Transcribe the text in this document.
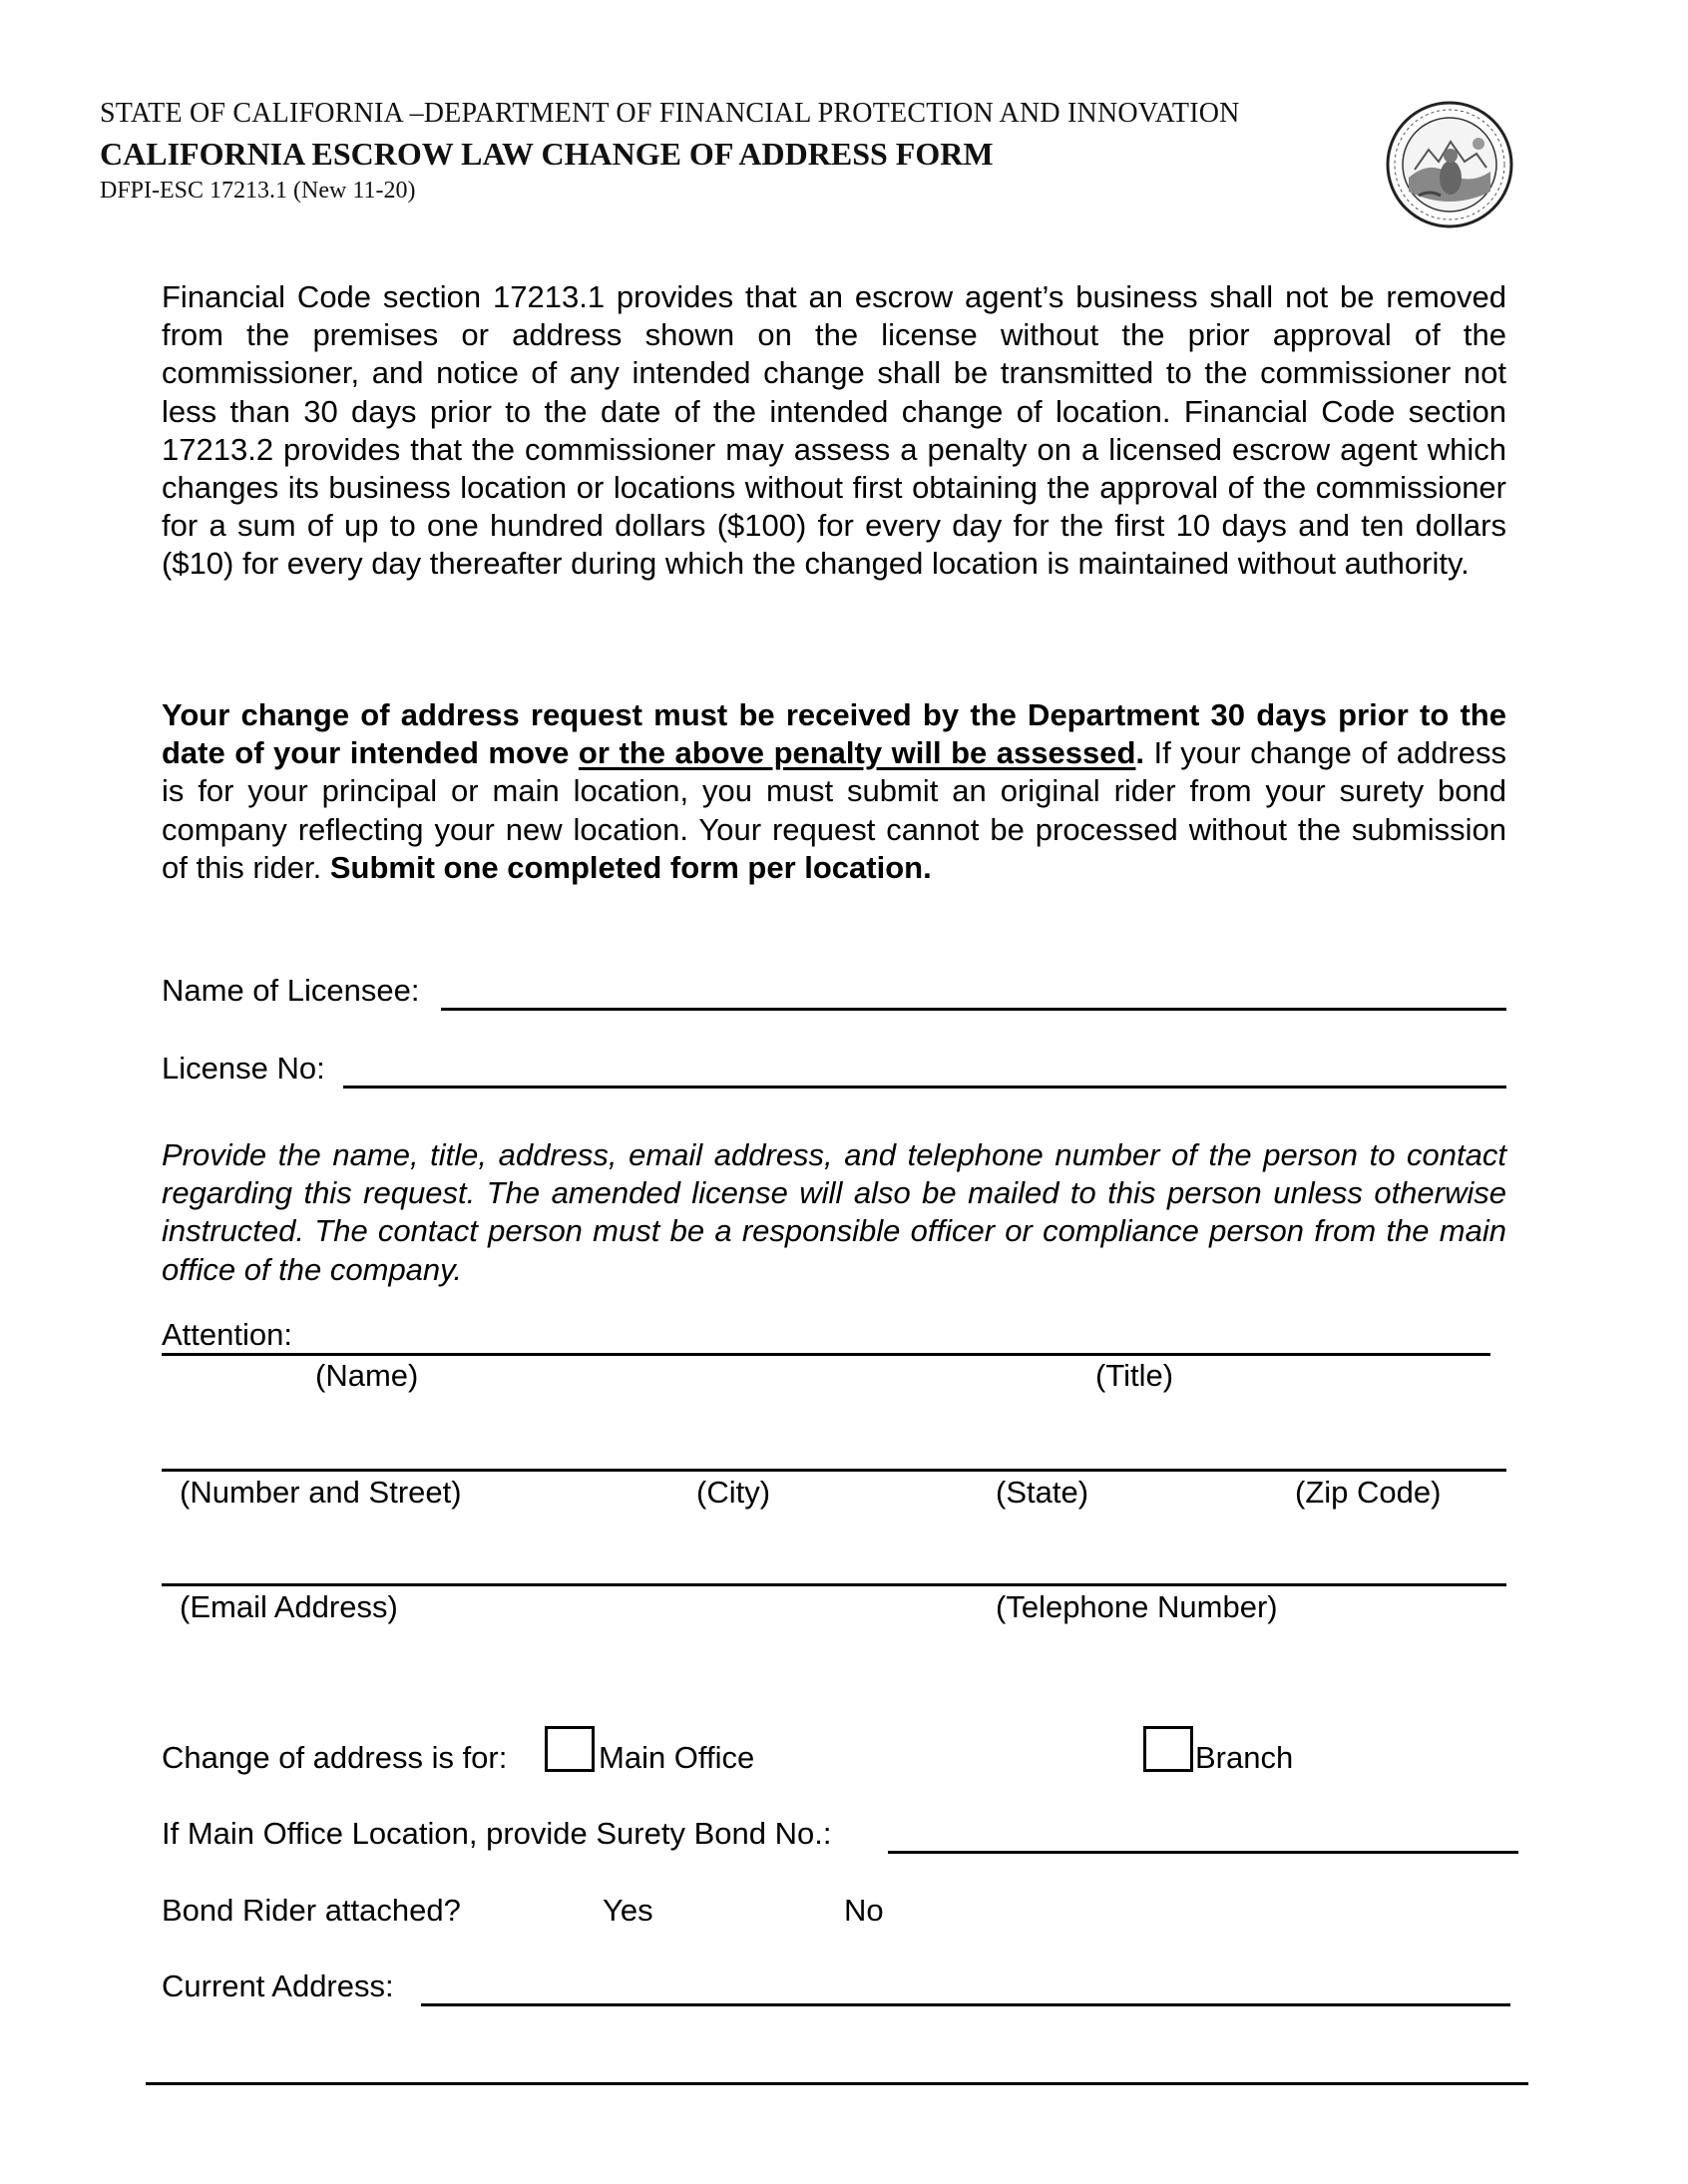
STATE OF CALIFORNIA –DEPARTMENT OF FINANCIAL PROTECTION AND INNOVATION
CALIFORNIA ESCROW LAW CHANGE OF ADDRESS FORM
DFPI-ESC 17213.1 (New 11-20)
Financial Code section 17213.1 provides that an escrow agent’s business shall not be removed from the premises or address shown on the license without the prior approval of the commissioner, and notice of any intended change shall be transmitted to the commissioner not less than 30 days prior to the date of the intended change of location. Financial Code section 17213.2 provides that the commissioner may assess a penalty on a licensed escrow agent which changes its business location or locations without first obtaining the approval of the commissioner for a sum of up to one hundred dollars ($100) for every day for the first 10 days and ten dollars ($10) for every day thereafter during which the changed location is maintained without authority.
Your change of address request must be received by the Department 30 days prior to the date of your intended move or the above penalty will be assessed. If your change of address is for your principal or main location, you must submit an original rider from your surety bond company reflecting your new location. Your request cannot be processed without the submission of this rider. Submit one completed form per location.
Name of Licensee:
License No:
Provide the name, title, address, email address, and telephone number of the person to contact regarding this request. The amended license will also be mailed to this person unless otherwise instructed. The contact person must be a responsible officer or compliance person from the main office of the company.
Attention:
(Name)	(Title)
(Number and Street)	(City)	(State)	(Zip Code)
(Email Address)	(Telephone Number)
Change of address is for:	Main Office	Branch
If Main Office Location, provide Surety Bond No.:
Bond Rider attached?	Yes	No
Current Address:
